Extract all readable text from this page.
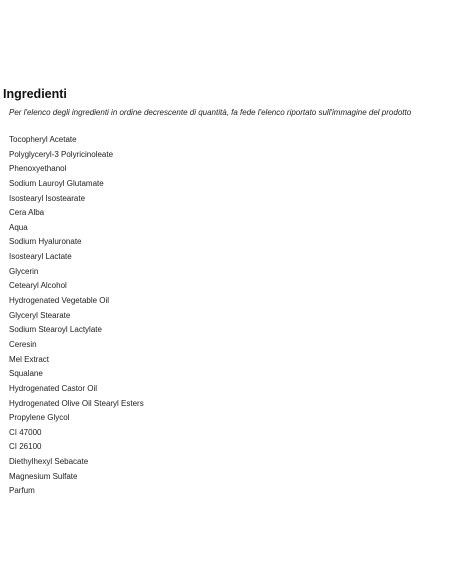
Ingredienti

Per l'elenco degli ingredienti in ordine decrescente di quantità, fa fede l'elenco riportato sull'immagine del prodotto

Tocopheryl Acetate
Polyglyceryl-3 Polyricinoleate
Phenoxyethanol
Sodium Lauroyl Glutamate
Isostearyl Isostearate
Cera Alba
Aqua
Sodium Hyaluronate
Isostearyl Lactate
Glycerin
Cetearyl Alcohol
Hydrogenated Vegetable Oil
Glyceryl Stearate
Sodium Stearoyl Lactylate
Ceresin
Mel Extract
Squalane
Hydrogenated Castor Oil
Hydrogenated Olive Oil Stearyl Esters
Propylene Glycol
CI 47000
CI 26100
Diethylhexyl Sebacate
Magnesium Sulfate
Parfum
